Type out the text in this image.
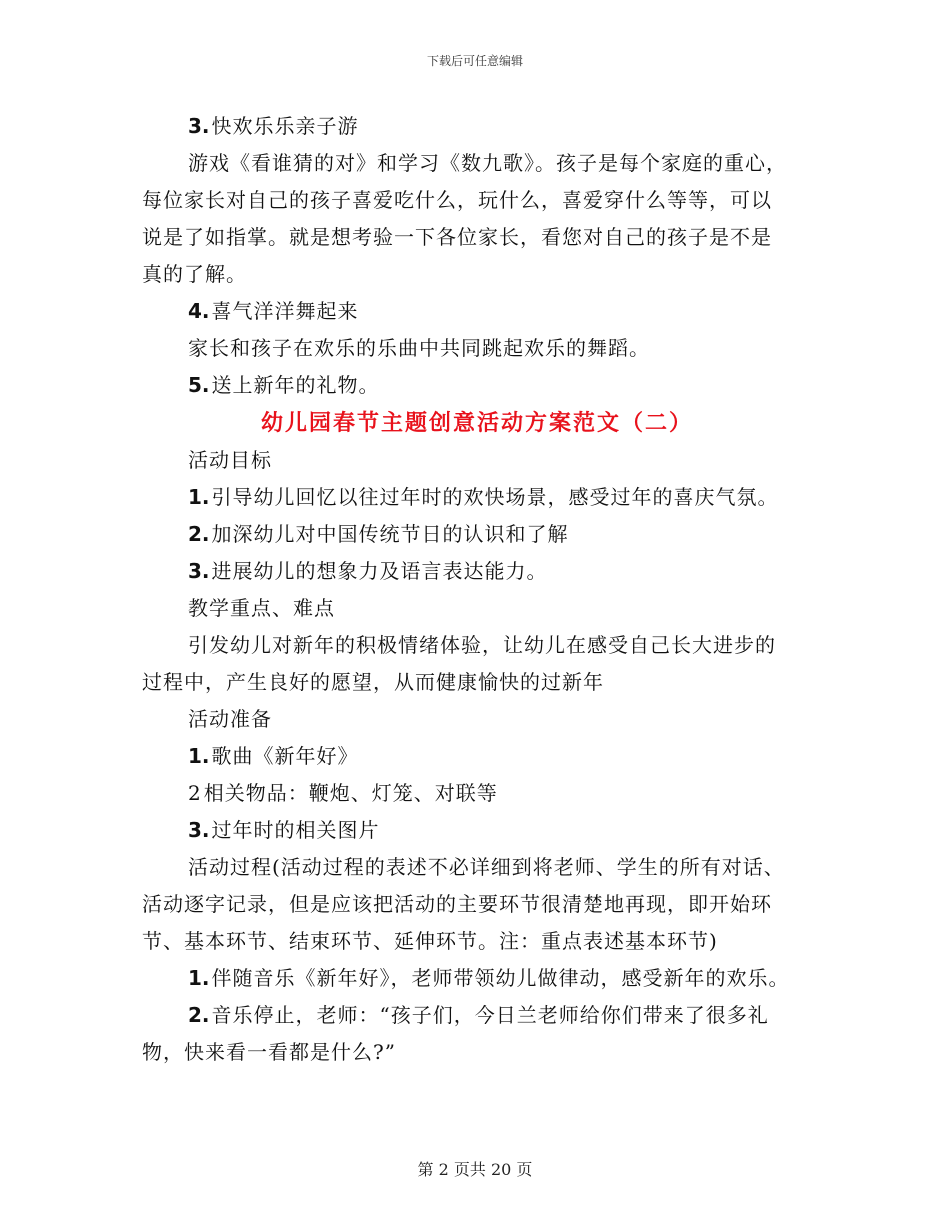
下载后可任意编辑
3. 快欢乐乐亲子游
游戏《看谁猜的对》和学习《数九歌》。孩子是每个家庭的重心，
每位家长对自己的孩子喜爱吃什么，玩什么，喜爱穿什么等等，可以
说是了如指掌。就是想考验一下各位家长，看您对自己的孩子是不是
真的了解。
4. 喜气洋洋舞起来
家长和孩子在欢乐的乐曲中共同跳起欢乐的舞蹈。
5. 送上新年的礼物。
幼儿园春节主题创意活动方案范文（二）
活动目标
1. 引导幼儿回忆以往过年时的欢快场景，感受过年的喜庆气氛。
2. 加深幼儿对中国传统节日的认识和了解
3. 进展幼儿的想象力及语言表达能力。
教学重点、难点
引发幼儿对新年的积极情绪体验，让幼儿在感受自己长大进步的
过程中，产生良好的愿望，从而健康愉快的过新年
活动准备
1. 歌曲《新年好》
2 相关物品：鞭炮、灯笼、对联等
3. 过年时的相关图片
活动过程(活动过程的表述不必详细到将老师、学生的所有对话、
活动逐字记录，但是应该把活动的主要环节很清楚地再现，即开始环
节、基本环节、结束环节、延伸环节。注：重点表述基本环节)
1. 伴随音乐《新年好》，老师带领幼儿做律动，感受新年的欢乐。
2. 音乐停止，老师：“孩子们，今日兰老师给你们带来了很多礼
物，快来看一看都是什么?”
第 2 页共 20 页
